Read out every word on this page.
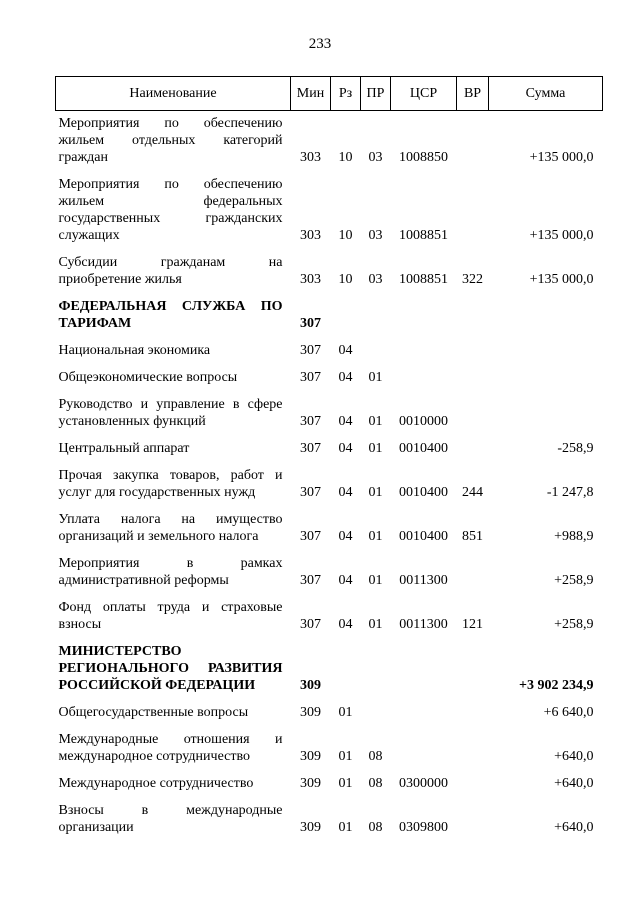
233
Наименование	Мин	Рз	ПР	ЦСР	ВР	Сумма
Мероприятия по обеспечению жильем отдельных категорий граждан	303	10	03	1008850		+135 000,0
Мероприятия по обеспечению жильем федеральных государственных гражданских служащих	303	10	03	1008851		+135 000,0
Субсидии гражданам на приобретение жилья	303	10	03	1008851	322	+135 000,0
ФЕДЕРАЛЬНАЯ СЛУЖБА ПО ТАРИФАМ	307					
Национальная экономика	307	04				
Общеэкономические вопросы	307	04	01			
Руководство и управление в сфере установленных функций	307	04	01	0010000		
Центральный аппарат	307	04	01	0010400		-258,9
Прочая закупка товаров, работ и услуг для государственных нужд	307	04	01	0010400	244	-1 247,8
Уплата налога на имущество организаций и земельного налога	307	04	01	0010400	851	+988,9
Мероприятия в рамках административной реформы	307	04	01	0011300		+258,9
Фонд оплаты труда и страховые взносы	307	04	01	0011300	121	+258,9
МИНИСТЕРСТВО РЕГИОНАЛЬНОГО РАЗВИТИЯ РОССИЙСКОЙ ФЕДЕРАЦИИ	309					+3 902 234,9
Общегосударственные вопросы	309	01				+6 640,0
Международные отношения и международное сотрудничество	309	01	08			+640,0
Международное сотрудничество	309	01	08	0300000		+640,0
Взносы в международные организации	309	01	08	0309800		+640,0
